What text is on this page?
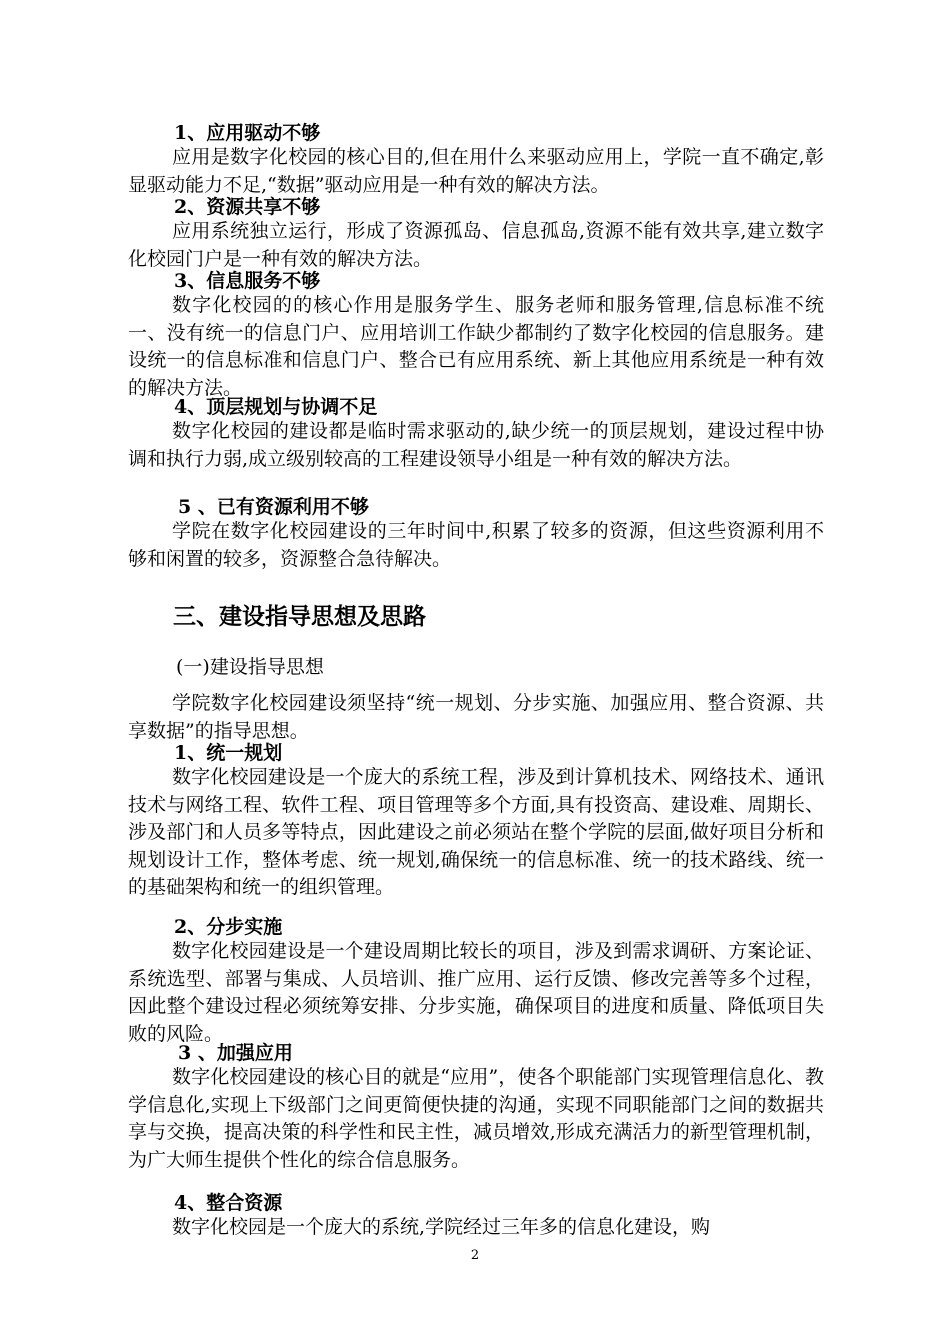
1、应用驱动不够
应用是数字化校园的核心目的,但在用什么来驱动应用上，学院一直不确定,彰显驱动能力不足,“数据”驱动应用是一种有效的解决方法。
2、资源共享不够
应用系统独立运行，形成了资源孤岛、信息孤岛,资源不能有效共享,建立数字化校园门户是一种有效的解决方法。
3、信息服务不够
数字化校园的的核心作用是服务学生、服务老师和服务管理,信息标准不统一、没有统一的信息门户、应用培训工作缺少都制约了数字化校园的信息服务。建设统一的信息标准和信息门户、整合已有应用系统、新上其他应用系统是一种有效的解决方法。
4、顶层规划与协调不足
数字化校园的建设都是临时需求驱动的,缺少统一的顶层规划，建设过程中协调和执行力弱,成立级别较高的工程建设领导小组是一种有效的解决方法。
5 、已有资源利用不够
学院在数字化校园建设的三年时间中,积累了较多的资源，但这些资源利用不够和闲置的较多，资源整合急待解决。
三、建设指导思想及思路
(一)建设指导思想
学院数字化校园建设须坚持“统一规划、分步实施、加强应用、整合资源、共享数据”的指导思想。
1、统一规划
数字化校园建设是一个庞大的系统工程，涉及到计算机技术、网络技术、通讯技术与网络工程、软件工程、项目管理等多个方面,具有投资高、建设难、周期长、涉及部门和人员多等特点，因此建设之前必须站在整个学院的层面,做好项目分析和规划设计工作，整体考虑、统一规划,确保统一的信息标准、统一的技术路线、统一的基础架构和统一的组织管理。
2、分步实施
数字化校园建设是一个建设周期比较长的项目，涉及到需求调研、方案论证、系统选型、部署与集成、人员培训、推广应用、运行反馈、修改完善等多个过程，因此整个建设过程必须统筹安排、分步实施，确保项目的进度和质量、降低项目失败的风险。
3 、加强应用
数字化校园建设的核心目的就是“应用”，使各个职能部门实现管理信息化、教学信息化,实现上下级部门之间更简便快捷的沟通，实现不同职能部门之间的数据共享与交换，提高决策的科学性和民主性，减员增效,形成充满活力的新型管理机制，为广大师生提供个性化的综合信息服务。
4、整合资源
数字化校园是一个庞大的系统,学院经过三年多的信息化建设，购
2
